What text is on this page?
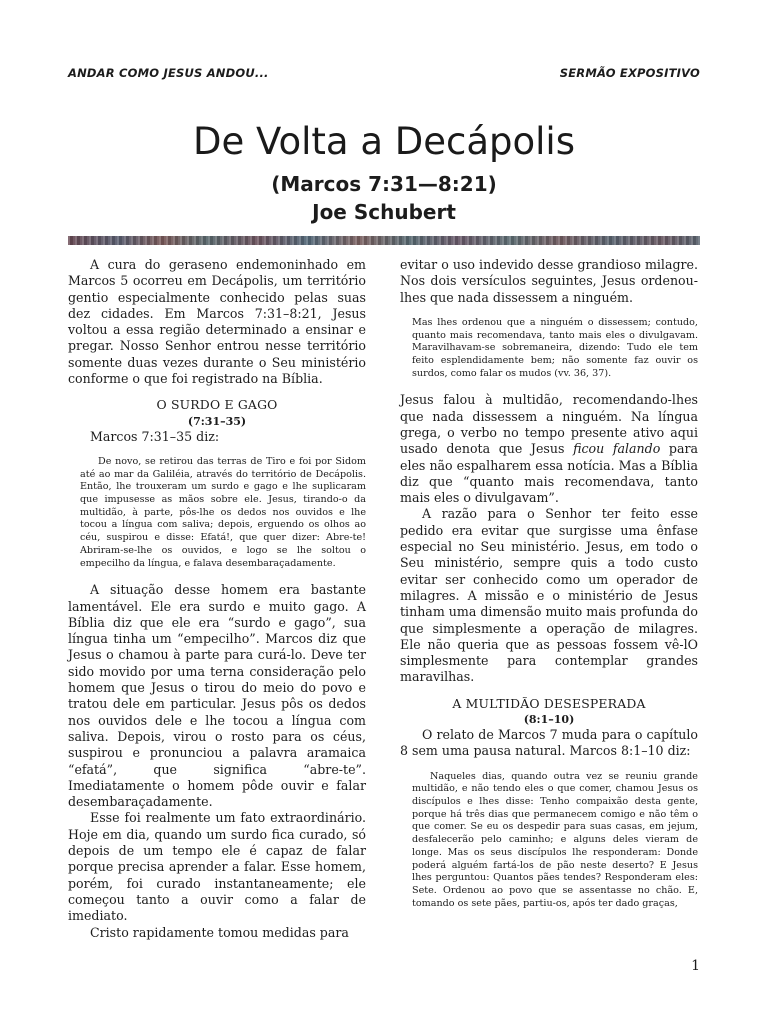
ANDAR COMO JESUS ANDOU...	SERMÃO EXPOSITIVO
De Volta a Decápolis
(Marcos 7:31—8:21)
Joe Schubert

A cura do geraseno endemoninhado em Marcos 5 ocorreu em Decápolis, um território gentio especialmente conhecido pelas suas dez cidades. Em Marcos 7:31–8:21, Jesus voltou a essa região determinado a ensinar e pregar. Nosso Senhor entrou nesse território somente duas vezes durante o Seu ministério conforme o que foi registrado na Bíblia.

O SURDO E GAGO
(7:31–35)

Marcos 7:31–35 diz:

De novo, se retirou das terras de Tiro e foi por Sidom até ao mar da Galiléia, através do território de Decápolis. Então, lhe trouxeram um surdo e gago e lhe suplicaram que impusesse as mãos sobre ele. Jesus, tirando-o da multidão, à parte, pôs-lhe os dedos nos ouvidos e lhe tocou a língua com saliva; depois, erguendo os olhos ao céu, suspirou e disse: Efatá!, que quer dizer: Abre-te! Abriram-se-lhe os ouvidos, e logo se lhe soltou o empecilho da língua, e falava desembaraçadamente.

A situação desse homem era bastante lamentável. Ele era surdo e muito gago. A Bíblia diz que ele era “surdo e gago”, sua língua tinha um “empecilho”. Marcos diz que Jesus o chamou à parte para curá-lo. Deve ter sido movido por uma terna consideração pelo homem que Jesus o tirou do meio do povo e tratou dele em particular. Jesus pôs os dedos nos ouvidos dele e lhe tocou a língua com saliva. Depois, virou o rosto para os céus, suspirou e pronunciou a palavra aramaica “efatá”, que significa “abre-te”. Imediatamente o homem pôde ouvir e falar desembaraçadamente.

Esse foi realmente um fato extraordinário. Hoje em dia, quando um surdo fica curado, só depois de um tempo ele é capaz de falar porque precisa aprender a falar. Esse homem, porém, foi curado instantaneamente; ele começou tanto a ouvir como a falar de imediato.

Cristo rapidamente tomou medidas para

evitar o uso indevido desse grandioso milagre. Nos dois versículos seguintes, Jesus ordenou-lhes que nada dissessem a ninguém.

Mas lhes ordenou que a ninguém o dissessem; contudo, quanto mais recomendava, tanto mais eles o divulgavam. Maravilhavam-se sobremaneira, dizendo: Tudo ele tem feito esplendidamente bem; não somente faz ouvir os surdos, como falar os mudos (vv. 36, 37).

Jesus falou à multidão, recomendando-lhes que nada dissessem a ninguém. Na língua grega, o verbo no tempo presente ativo aqui usado denota que Jesus ficou falando para eles não espalharem essa notícia. Mas a Bíblia diz que “quanto mais recomendava, tanto mais eles o divulgavam”.

A razão para o Senhor ter feito esse pedido era evitar que surgisse uma ênfase especial no Seu ministério. Jesus, em todo o Seu ministério, sempre quis a todo custo evitar ser conhecido como um operador de milagres. A missão e o ministério de Jesus tinham uma dimensão muito mais profunda do que simplesmente a operação de milagres. Ele não queria que as pessoas fossem vê-lO simplesmente para contemplar grandes maravilhas.

A MULTIDÃO DESESPERADA
(8:1–10)

O relato de Marcos 7 muda para o capítulo 8 sem uma pausa natural. Marcos 8:1–10 diz:

Naqueles dias, quando outra vez se reuniu grande multidão, e não tendo eles o que comer, chamou Jesus os discípulos e lhes disse: Tenho compaixão desta gente, porque há três dias que permanecem comigo e não têm o que comer. Se eu os despedir para suas casas, em jejum, desfalecerão pelo caminho; e alguns deles vieram de longe. Mas os seus discípulos lhe responderam: Donde poderá alguém fartá-los de pão neste deserto? E Jesus lhes perguntou: Quantos pães tendes? Responderam eles: Sete. Ordenou ao povo que se assentasse no chão. E, tomando os sete pães, partiu-os, após ter dado graças,
1
